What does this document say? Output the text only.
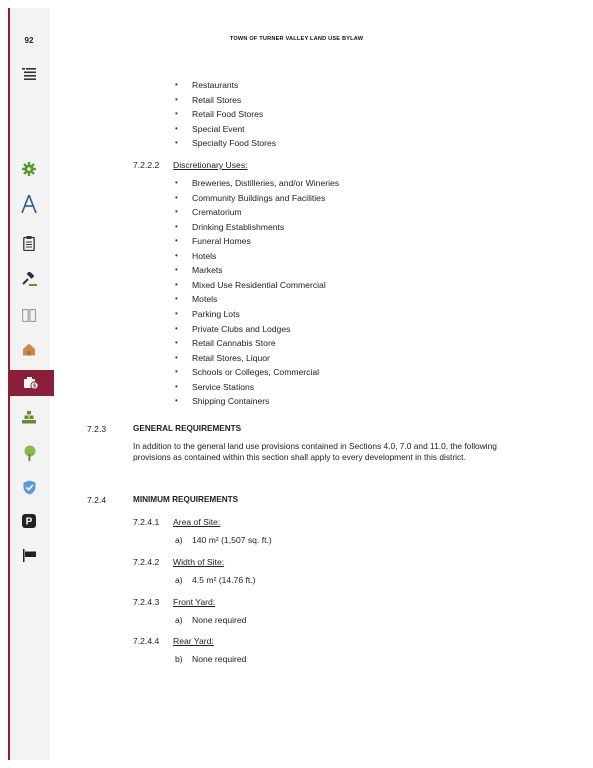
92
$
P
TOWN OF TURNER VALLEY LAND USE BYLAW
• Restaurants
• Retail Stores
• Retail Food Stores
• Special Event
• Specialty Food Stores
7.2.2.2 Discretionary Uses:
• Breweries, Distilleries, and/or Wineries
• Community Buildings and Facilities
• Crematorium
• Drinking Establishments
• Funeral Homes
• Hotels
• Markets
• Mixed Use Residential Commercial
• Motels
• Parking Lots
• Private Clubs and Lodges
• Retail Cannabis Store
• Retail Stores, Liquor
• Schools or Colleges, Commercial
• Service Stations
• Shipping Containers
7.2.3	GENERAL REQUIREMENTS
In addition to the general land use provisions contained in Sections 4.0, 7.0 and 11.0, the following provisions as contained within this section shall apply to every development in this district.
7.2.4	MINIMUM REQUIREMENTS
7.2.4.1 Area of Site:
a) 140 m² (1,507 sq. ft.)
7.2.4.2 Width of Site:
a) 4.5 m² (14.76 ft.)
7.2.4.3 Front Yard:
a) None required
7.2.4.4 Rear Yard:
b) None required
